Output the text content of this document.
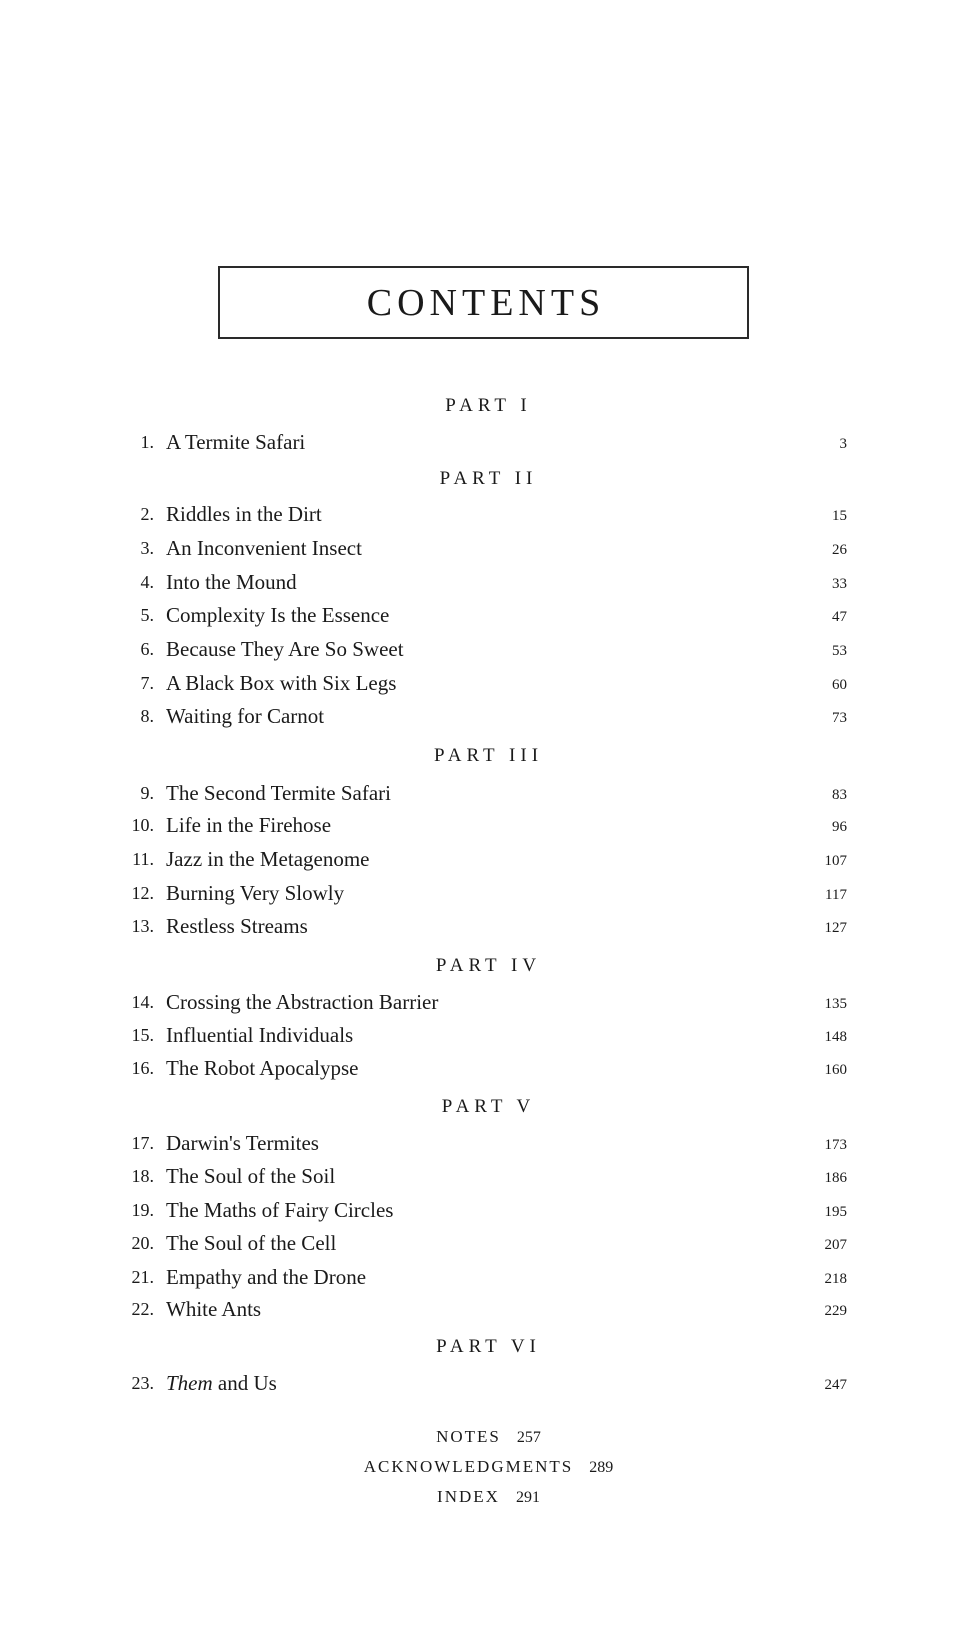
CONTENTS
PART I
1. A Termite Safari	3
PART II
2. Riddles in the Dirt	15
3. An Inconvenient Insect	26
4. Into the Mound	33
5. Complexity Is the Essence	47
6. Because They Are So Sweet	53
7. A Black Box with Six Legs	60
8. Waiting for Carnot	73
PART III
9. The Second Termite Safari	83
10. Life in the Firehose	96
11. Jazz in the Metagenome	107
12. Burning Very Slowly	117
13. Restless Streams	127
PART IV
14. Crossing the Abstraction Barrier	135
15. Influential Individuals	148
16. The Robot Apocalypse	160
PART V
17. Darwin's Termites	173
18. The Soul of the Soil	186
19. The Maths of Fairy Circles	195
20. The Soul of the Cell	207
21. Empathy and the Drone	218
22. White Ants	229
PART VI
23. Them and Us	247
NOTES 257
ACKNOWLEDGMENTS 289
INDEX 291
